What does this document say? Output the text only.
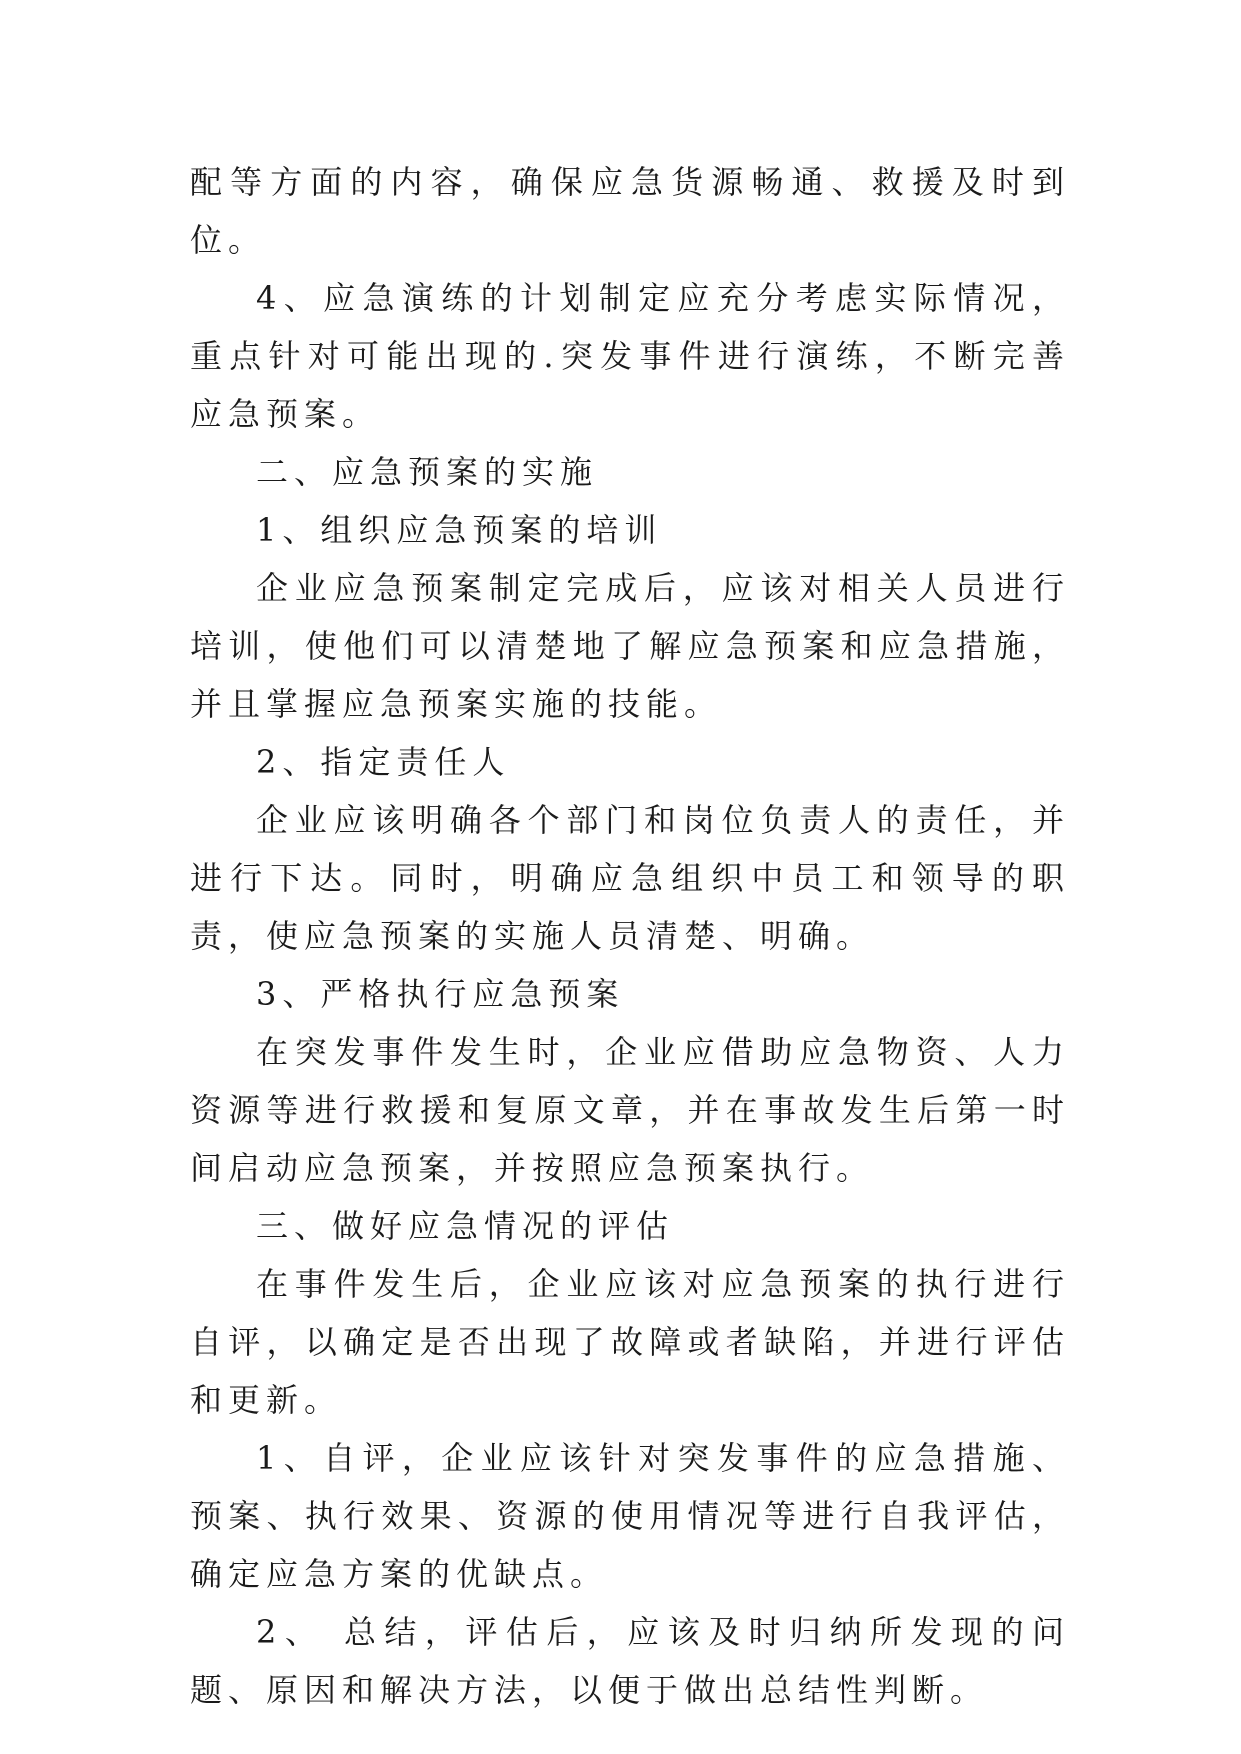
配等方面的内容，确保应急货源畅通、救援及时到位。

4、应急演练的计划制定应充分考虑实际情况，重点针对可能出现的.突发事件进行演练，不断完善应急预案。

二、应急预案的实施

1、组织应急预案的培训

企业应急预案制定完成后，应该对相关人员进行培训，使他们可以清楚地了解应急预案和应急措施，并且掌握应急预案实施的技能。

2、指定责任人

企业应该明确各个部门和岗位负责人的责任，并进行下达。同时，明确应急组织中员工和领导的职责，使应急预案的实施人员清楚、明确。

3、严格执行应急预案

在突发事件发生时，企业应借助应急物资、人力资源等进行救援和复原文章，并在事故发生后第一时间启动应急预案，并按照应急预案执行。

三、做好应急情况的评估

在事件发生后，企业应该对应急预案的执行进行自评，以确定是否出现了故障或者缺陷，并进行评估和更新。

1、自评，企业应该针对突发事件的应急措施、预案、执行效果、资源的使用情况等进行自我评估，确定应急方案的优缺点。

2、 总结，评估后，应该及时归纳所发现的问题、原因和解决方法，以便于做出总结性判断。
